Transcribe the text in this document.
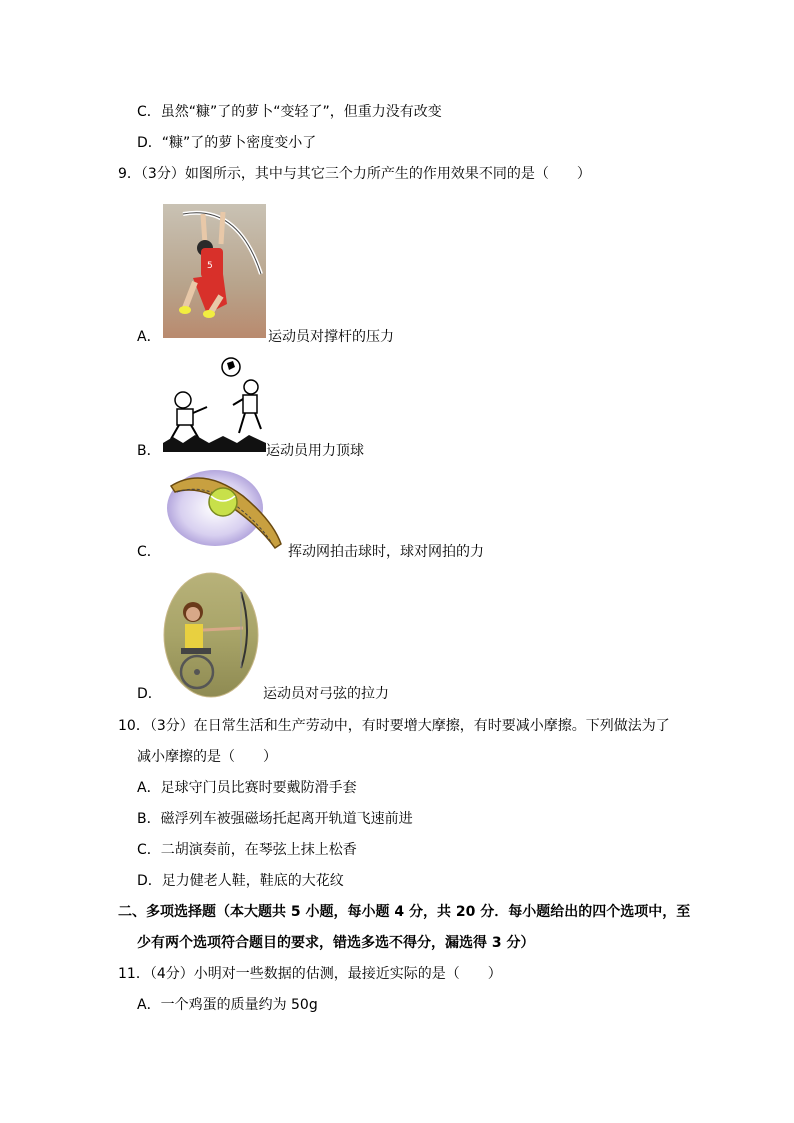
C．虽然“糠”了的萝卜“变轻了”，但重力没有改变
D．“糠”了的萝卜密度变小了
9．（3分）如图所示，其中与其它三个力所产生的作用效果不同的是（　　）
A．
5
运动员对撑杆的压力
B．	运动员用力顶球
C．	挥动网拍击球时，球对网拍的力
D．	运动员对弓弦的拉力
10．（3分）在日常生活和生产劳动中，有时要增大摩擦，有时要减小摩擦。下列做法为了
减小摩擦的是（　　）
A．足球守门员比赛时要戴防滑手套
B．磁浮列车被强磁场托起离开轨道飞速前进
C．二胡演奏前，在琴弦上抹上松香
D．足力健老人鞋，鞋底的大花纹
二、多项选择题（本大题共 5 小题，每小题 4 分，共 20 分．每小题给出的四个选项中，至
少有两个选项符合题目的要求，错选多选不得分，漏选得 3 分）
11．（4分）小明对一些数据的估测，最接近实际的是（　　）
A．一个鸡蛋的质量约为 50g
